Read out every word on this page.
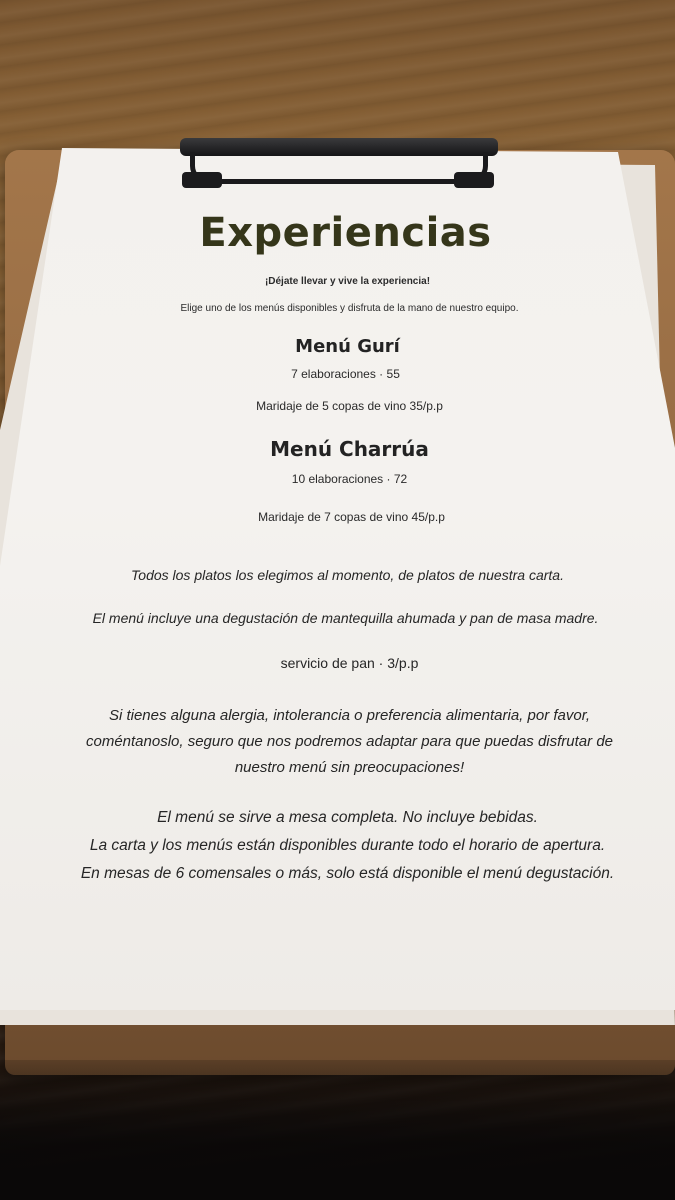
Experiencias

¡Déjate llevar y vive la experiencia!

Elige uno de los menús disponibles y disfruta de la mano de nuestro equipo.

Menú Gurí

7 elaboraciones · 55

Maridaje de 5 copas de vino 35/p.p

Menú Charrúa

10 elaboraciones · 72

Maridaje de 7 copas de vino 45/p.p

Todos los platos los elegimos al momento, de platos de nuestra carta.

El menú incluye una degustación de mantequilla ahumada y pan de masa madre.

servicio de pan · 3/p.p

Si tienes alguna alergia, intolerancia o preferencia alimentaria, por favor,
coméntanoslo, seguro que nos podremos adaptar para que puedas disfrutar de
nuestro menú sin preocupaciones!
El menú se sirve a mesa completa. No incluye bebidas.
La carta y los menús están disponibles durante todo el horario de apertura.
En mesas de 6 comensales o más, solo está disponible el menú degustación.
